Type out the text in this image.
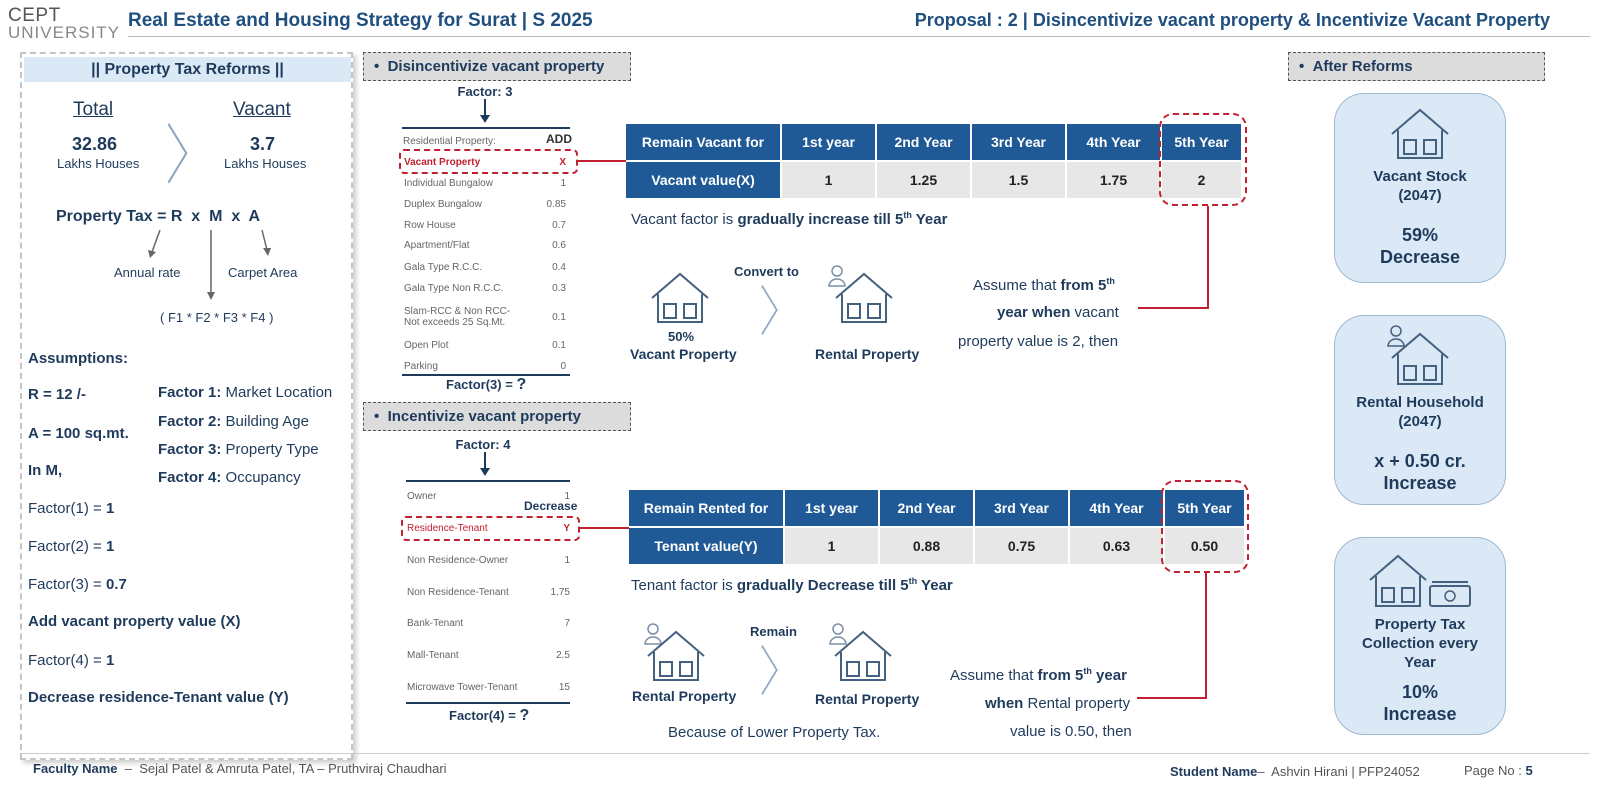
CEPT
UNIVERSITY
Real Estate and Housing Strategy for Surat | S 2025	Proposal : 2 | Disincentivize vacant property & Incentivize Vacant Property
|| Property Tax Reforms ||
Total
32.86
Lakhs Houses 〉
Vacant
3.7
Lakhs Houses
Property Tax = R  x  M  x  A
Annual rate	Carpet Area
( F1 * F2 * F3 * F4 )
Assumptions:
R = 12 /-
A = 100 sq.mt.
In M,
Factor 1: Market Location
Factor 2: Building Age
Factor 3: Property Type
Factor 4: Occupancy
Factor(1) = 1
Factor(2) = 1
Factor(3) = 0.7
Add vacant property value (X)
Factor(4) = 1
Decrease residence-Tenant value (Y)
•  Disincentivize vacant property
Factor: 3
Residential Property:	ADD
Vacant Property	X
Individual Bungalow	1
Duplex Bungalow	0.85
Row House	0.7
Apartment/Flat	0.6
Gala Type R.C.C.	0.4
Gala Type Non R.C.C.	0.3
Slam-RCC & Non RCC-
Not exceeds 25 Sq.Mt.	0.1
Open Plot	0.1
Parking	0
Factor(3) = ?
Remain Vacant for	1st year	2nd Year	3rd Year	4th Year	5th Year
Vacant value(X)	1	1.25	1.5	1.75	2
Vacant factor is gradually increase till 5th Year
Convert to
50%
Vacant Property
〉
Rental Property
Assume that from 5th
year when vacant
property value is 2, then
•  Incentivize vacant property
Factor: 4
Decrease
Owner	1
Residence-Tenant	Y
Non Residence-Owner	1
Non Residence-Tenant	1.75
Bank-Tenant	7
Mall-Tenant	2.5
Microwave Tower-Tenant	15
Factor(4) = ?
Remain Rented for	1st year	2nd Year	3rd Year	4th Year	5th Year
Tenant value(Y)	1	0.88	0.75	0.63	0.50
Tenant factor is gradually Decrease till 5th Year
Remain
Rental Property 〉 Rental Property
Because of Lower Property Tax.
Assume that from 5th year
when Rental property
value is 0.50, then
•  After Reforms
Vacant Stock
(2047)
59%
Decrease
Rental Household
(2047)
x + 0.50 cr.
Increase
Property Tax
Collection every
Year
10%
Increase
Faculty Name  –  Sejal Patel & Amruta Patel, TA – Pruthviraj Chaudhari	Student Name–  Ashvin Hirani | PFP24052	Page No : 5
